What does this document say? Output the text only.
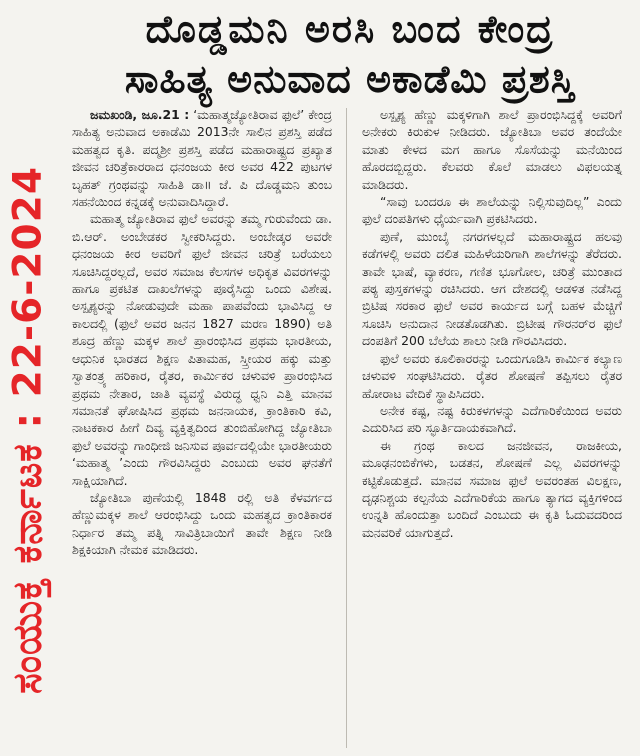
ದೊಡ್ಡಮನಿ ಅರಸಿ ಬಂದ ಕೇಂದ್ರ
ಸಾಹಿತ್ಯ ಅನುವಾದ ಅಕಾಡೆಮಿ ಪ್ರಶಸ್ತಿ
ಸಂಯುಕ್ತ ಕರ್ನಾಟಕ : 22-6-2024

ಜಮಖಂಡಿ, ಜೂ.21 : ‘ಮಹಾತ್ಮಜ್ಯೋತಿರಾವ ಫುಲೆ’ ಕೇಂದ್ರ ಸಾಹಿತ್ಯ ಅನುವಾದ ಅಕಾಡೆಮಿ 2013ನೇ ಸಾಲಿನ ಪ್ರಶಸ್ತಿ ಪಡೆದ ಮಹತ್ವದ ಕೃತಿ. ಪದ್ಮಶ್ರೀ ಪ್ರಶಸ್ತಿ ಪಡೆದ ಮಹಾರಾಷ್ಟ್ರದ ಪ್ರಖ್ಯಾತ ಜೀವನ ಚರಿತ್ರೆಕಾರರಾದ ಧನಂಜಯ ಕೀರ ಅವರ 422 ಪುಟಗಳ ಬೃಹತ್ ಗ್ರಂಥವನ್ನು ಸಾಹಿತಿ ಡಾ॥ ಜೆ. ಪಿ ದೊಡ್ಡಮನಿ ತುಂಬ ಸಹನೆಯಿಂದ ಕನ್ನಡಕ್ಕೆ ಅನುವಾದಿಸಿದ್ದಾರೆ.

ಮಹಾತ್ಮ ಜ್ಯೋತಿರಾವ ಫುಲೆ ಅವರನ್ನು ತಮ್ಮ ಗುರುವೆಂದು ಡಾ. ಬಿ.ಆರ್. ಅಂಬೇಡಕರ ಸ್ವೀಕರಿಸಿದ್ದರು. ಅಂಬೇಡ್ಕರ ಅವರೇ ಧನಂಜಯ ಕೀರ ಅವರಿಗೆ ಫುಲೆ ಜೀವನ ಚರಿತ್ರೆ ಬರೆಯಲು ಸೂಚಿಸಿದ್ದರಲ್ಲದೆ, ಅವರ ಸಮಾಜ ಕೆಲಸಗಳ ಅಧಿಕೃತ ವಿವರಗಳನ್ನು ಹಾಗೂ ಪ್ರಕಟಿತ ದಾಖಲೆಗಳನ್ನು ಪೂರೈಸಿದ್ದು ಒಂದು ವಿಶೇಷ. ಅಸ್ಪೃಶ್ಯರನ್ನು ನೋಡುವುದೇ ಮಹಾ ಪಾಪವೆಂದು ಭಾವಿಸಿದ್ದ ಆ ಕಾಲದಲ್ಲಿ (ಫುಲೆ ಅವರ ಜನನ 1827 ಮರಣ 1890) ಅತಿ ಶೂದ್ರ ಹೆಣ್ಣು ಮಕ್ಕಳ ಶಾಲೆ ಪ್ರಾರಂಭಿಸಿದ ಪ್ರಥಮ ಭಾರತೀಯ, ಆಧುನಿಕ ಭಾರತದ ಶಿಕ್ಷಣ ಪಿತಾಮಹ, ಸ್ತ್ರೀಯರ ಹಕ್ಕು ಮತ್ತು ಸ್ವಾತಂತ್ರ್ಯ ಹರಿಕಾರ, ರೈತರ, ಕಾರ್ಮಿಕರ ಚಳುವಳಿ ಪ್ರಾರಂಭಿಸಿದ ಪ್ರಥಮ ನೇತಾರ, ಜಾತಿ ವ್ಯವಸ್ಥೆ ವಿರುದ್ಧ ಧ್ವನಿ ಎತ್ತಿ ಮಾನವ ಸಮಾನತೆ ಘೋಷಿಸಿದ ಪ್ರಥಮ ಜನನಾಯಕ, ಕ್ರಾಂತಿಕಾರಿ ಕವಿ, ನಾಟಕಕಾರ ಹೀಗೆ ದಿವ್ಯ ವ್ಯಕ್ತಿತ್ವದಿಂದ ತುಂಬಿಹೋಗಿದ್ದ ಜ್ಯೋತಿಬಾ ಫುಲೆ ಅವರನ್ನು ಗಾಂಧೀಜಿ ಜನಿಸುವ ಪೂರ್ವದಲ್ಲಿಯೇ ಭಾರತೀಯರು ‘ಮಹಾತ್ಮ ’ಎಂದು ಗೌರವಿಸಿದ್ದರು ಎಂಬುದು ಅವರ ಘನತೆಗೆ ಸಾಕ್ಷಿಯಾಗಿದೆ.

ಜ್ಯೋತಿಬಾ ಪುಣೆಯಲ್ಲಿ 1848 ರಲ್ಲಿ ಅತಿ ಕೆಳವರ್ಗದ ಹೆಣ್ಣುಮಕ್ಕಳ ಶಾಲೆ ಆರಂಭಿಸಿದ್ದು ಒಂದು ಮಹತ್ವದ ಕ್ರಾಂತಿಕಾರಕ ನಿರ್ಧಾರ ತಮ್ಮ ಪತ್ನಿ ಸಾವಿತ್ರಿಬಾಯಿಗೆ ತಾವೇ ಶಿಕ್ಷಣ ನೀಡಿ ಶಿಕ್ಷಕಿಯಾಗಿ ನೇಮಕ ಮಾಡಿದರು.

ಅಸ್ಪೃಶ್ಯ ಹೆಣ್ಣು ಮಕ್ಕಳಿಗಾಗಿ ಶಾಲೆ ಪ್ರಾರಂಭಿಸಿದ್ದಕ್ಕೆ ಅವರಿಗೆ ಅನೇಕರು ಕಿರುಕುಳ ನೀಡಿದರು. ಜ್ಯೋತಿಬಾ ಅವರ ತಂದೆಯೇ ಮಾತು ಕೇಳದ ಮಗ ಹಾಗೂ ಸೊಸೆಯನ್ನು ಮನೆಯಿಂದ ಹೊರದಬ್ಬಿದ್ದರು. ಕೆಲವರು ಕೊಲೆ ಮಾಡಲು ವಿಫಲಯತ್ನ ಮಾಡಿದರು.

“ಸಾವು ಬಂದರೂ ಈ ಶಾಲೆಯನ್ನು ನಿಲ್ಲಿಸುವುದಿಲ್ಲ” ಎಂದು ಫುಲೆ ದಂಪತಿಗಳು ಧೈರ್ಯವಾಗಿ ಪ್ರಕಟಿಸಿದರು.

ಪುಣೆ, ಮುಂಬೈ ನಗರಗಳಲ್ಲದೆ ಮಹಾರಾಷ್ಟ್ರದ ಹಲವು ಕಡೆಗಳಲ್ಲಿ ಅವರು ದಲಿತ ಮಹಿಳೆಯರಿಗಾಗಿ ಶಾಲೆಗಳನ್ನು ತೆರೆದರು. ತಾವೇ ಭಾಷೆ, ವ್ಯಾಕರಣ, ಗಣಿತ ಭೂಗೋಲ, ಚರಿತ್ರೆ ಮುಂತಾದ ಪಠ್ಯ ಪುಸ್ತಕಗಳನ್ನು ರಚಿಸಿದರು. ಆಗ ದೇಶದಲ್ಲಿ ಆಡಳಿತ ನಡೆಸಿದ್ದ ಬ್ರಿಟಿಷ ಸರಕಾರ ಫುಲೆ ಅವರ ಕಾರ್ಯದ ಬಗ್ಗೆ ಬಹಳ ಮೆಚ್ಚಿಗೆ ಸೂಚಿಸಿ ಅನುದಾನ ನೀಡತೊಡಗಿತು. ಬ್ರಿಟೀಷ ಗೌರನರ್‌ರ ಫುಲೆ ದಂಪತಿಗೆ 200 ಬೆಲೆಯ ಶಾಲು ನೀಡಿ ಗೌರವಿಸಿದರು.

ಫುಲೆ ಅವರು ಕೂಲಿಕಾರರನ್ನು ಒಂದುಗೂಡಿಸಿ ಕಾರ್ಮಿಕ ಕಲ್ಯಾಣ ಚಳುವಳಿ ಸಂಘಟಿಸಿದರು. ರೈತರ ಶೋಷಣೆ ತಪ್ಪಿಸಲು ರೈತರ ಹೋರಾಟ ವೇದಿಕೆ ಸ್ಥಾಪಿಸಿದರು.

ಅನೇಕ ಕಷ್ಟ, ನಷ್ಟ ಕಿರುಕಳಗಳನ್ನು ಎದೆಗಾರಿಕೆಯಿಂದ ಅವರು ಎದುರಿಸಿದ ಪರಿ ಸ್ಫೂರ್ತಿದಾಯಕವಾಗಿದೆ.

ಈ ಗ್ರಂಥ ಕಾಲದ ಜನಜೀವನ, ರಾಜಕೀಯ, ಮೂಢನಂಬಿಕೆಗಳು, ಬಡತನ, ಶೋಷಣೆ ಎಲ್ಲ ವಿವರಗಳನ್ನು ಕಟ್ಟಿಕೊಡುತ್ತದೆ. ಮಾನವ ಸಮಾಜ ಫುಲೆ ಅವರಂತಹ ವಿಲಕ್ಷಣ, ದೃಢನಿಶ್ಚಯ ಕಲ್ಪನೆಯ ಎದೆಗಾರಿಕೆಯ ಹಾಗೂ ತ್ಯಾಗದ ವ್ಯಕ್ತಿಗಳಿಂದ ಉನ್ನತಿ ಹೊಂದುತ್ತಾ ಬಂದಿದೆ ಎಂಬುದು ಈ ಕೃತಿ ಓದುವದರಿಂದ ಮನವರಿಕೆ ಯಾಗುತ್ತದೆ.
